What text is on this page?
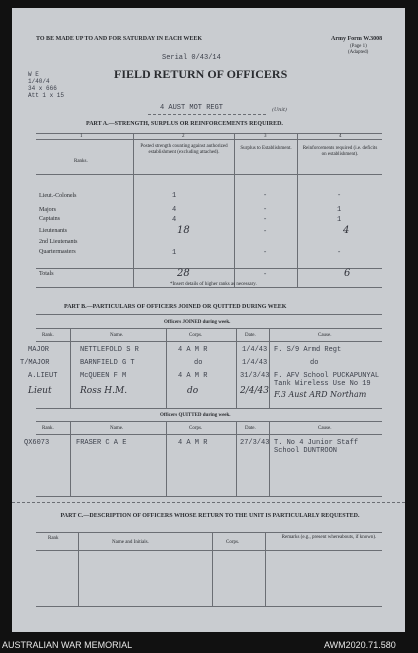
TO BE MADE UP TO AND FOR SATURDAY IN EACH WEEK	Army Form W.3008
(Page 1)
(Adapted)
Serial 0/43/14
FIELD RETURN OF OFFICERS
4 AUST MOT REGT	(Unit)
W E
1/40/4
34 x 666
Att 1 x 15
PART A.—STRENGTH, SURPLUS OR REINFORCEMENTS REQUIRED.
1	2	3	4
Ranks.
Posted strength counting against authorized establishment (excluding attached).
Surplus to Establishment.	Reinforcements required (i.e. deficits on establishment).
Lieut.-Colonels	1	-	-
Majors	4	-	1
Captains	4	-	1
Lieutenants	18	-	4
2nd Lieutenants
Quartermasters	1	-	-
Totals	28	-	6
*Insert details of higher ranks as necessary.
PART B.—PARTICULARS OF OFFICERS JOINED OR QUITTED DURING WEEK
Officers JOINED during week.
Rank.	Name.	Corps.	Date.	Cause.
MAJOR	NETTLEFOLD S R	4 A M R	1/4/43 F. S/9 Armd Regt
T/MAJOR	BARNFIELD G T	do	1/4/43	do
A.LIEUT	McQUEEN F M	4 A M R	31/3/43 F. AFV School PUCKAPUNYAL Tank Wireless Use No 19
Lieut	Ross H.M.	do	2/4/43 F.3 Aust ARD Northam
Officers QUITTED during week.
Rank.	Name.	Corps.	Date.	Cause.
QX6073	FRASER C A E	4 A M R	27/3/43 T. No 4 Junior Staff School DUNTROON
PART C.—DESCRIPTION OF OFFICERS WHOSE RETURN TO THE UNIT IS PARTICULARLY REQUESTED.
Rank
Name and Initials.	Corps.
Remarks (e.g., present whereabouts, if known).
AUSTRALIAN WAR MEMORIAL	AWM2020.71.580
